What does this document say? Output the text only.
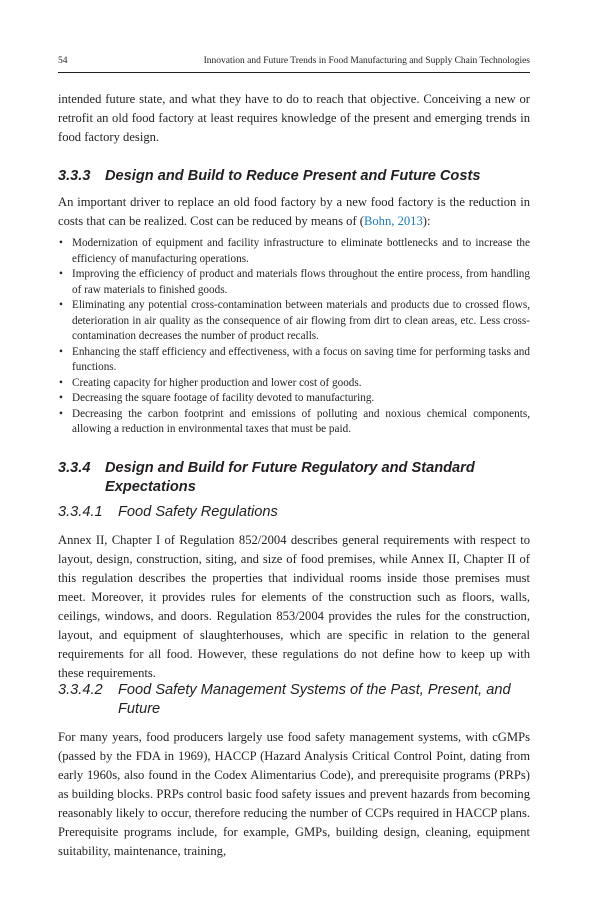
54	Innovation and Future Trends in Food Manufacturing and Supply Chain Technologies

intended future state, and what they have to do to reach that objective. Conceiving a new or retrofit an old food factory at least requires knowledge of the present and emerging trends in food factory design.

3.3.3 Design and Build to Reduce Present and Future Costs

An important driver to replace an old food factory by a new food factory is the reduction in costs that can be realized. Cost can be reduced by means of (Bohn, 2013):

• Modernization of equipment and facility infrastructure to eliminate bottlenecks and to increase the efficiency of manufacturing operations.
• Improving the efficiency of product and materials flows throughout the entire process, from handling of raw materials to finished goods.
• Eliminating any potential cross-contamination between materials and products due to crossed flows, deterioration in air quality as the consequence of air flowing from dirt to clean areas, etc. Less cross-contamination decreases the number of product recalls.
• Enhancing the staff efficiency and effectiveness, with a focus on saving time for performing tasks and functions.
• Creating capacity for higher production and lower cost of goods.
• Decreasing the square footage of facility devoted to manufacturing.
• Decreasing the carbon footprint and emissions of polluting and noxious chemical components, allowing a reduction in environmental taxes that must be paid.
3.3.4 Design and Build for Future Regulatory and Standard Expectations
3.3.4.1	Food Safety Regulations

Annex II, Chapter I of Regulation 852/2004 describes general requirements with respect to layout, design, construction, siting, and size of food premises, while Annex II, Chapter II of this regulation describes the properties that individual rooms inside those premises must meet. Moreover, it provides rules for elements of the construction such as floors, walls, ceilings, windows, and doors. Regulation 853/2004 provides the rules for the construction, layout, and equipment of slaughterhouses, which are specific in relation to the general requirements for all food. However, these regulations do not define how to keep up with these requirements.

3.3.4.2	Food Safety Management Systems of the Past, Present, and Future

For many years, food producers largely use food safety management systems, with cGMPs (passed by the FDA in 1969), HACCP (Hazard Analysis Critical Control Point, dating from early 1960s, also found in the Codex Alimentarius Code), and prerequisite programs (PRPs) as building blocks. PRPs control basic food safety issues and prevent hazards from becoming reasonably likely to occur, therefore reducing the number of CCPs required in HACCP plans. Prerequisite programs include, for example, GMPs, building design, cleaning, equipment suitability, maintenance, training,
